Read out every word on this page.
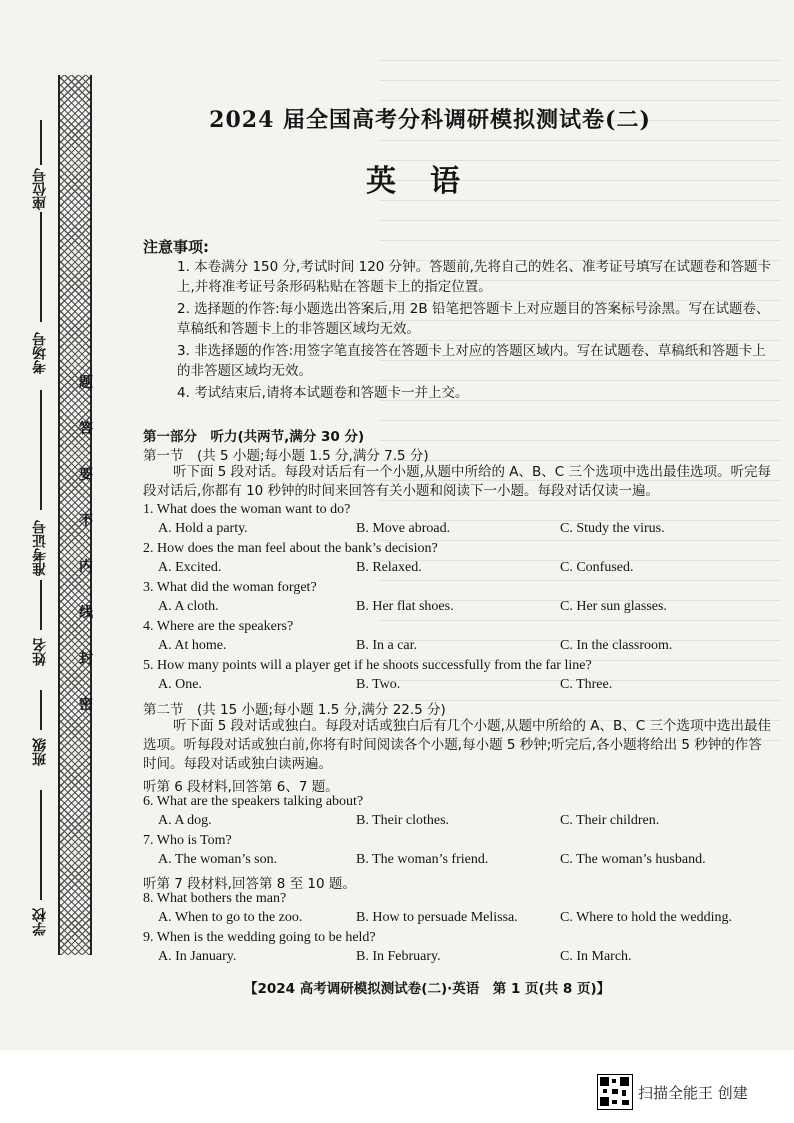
座位号
考场号
准考证号
姓名
班级
学校
题
答
要
不
内
线
封
密
2024 届全国高考分科调研模拟测试卷(二)
英语
注意事项:
1. 本卷满分 150 分,考试时间 120 分钟。答题前,先将自己的姓名、准考证号填写在试题卷和答题卡上,并将准考证号条形码粘贴在答题卡上的指定位置。
2. 选择题的作答:每小题选出答案后,用 2B 铅笔把答题卡上对应题目的答案标号涂黑。写在试题卷、草稿纸和答题卡上的非答题区域均无效。
3. 非选择题的作答:用签字笔直接答在答题卡上对应的答题区域内。写在试题卷、草稿纸和答题卡上的非答题区域均无效。
4. 考试结束后,请将本试题卷和答题卡一并上交。
第一部分　听力(共两节,满分 30 分)
第一节　(共 5 小题;每小题 1.5 分,满分 7.5 分)
听下面 5 段对话。每段对话后有一个小题,从题中所给的 A、B、C 三个选项中选出最佳选项。听完每段对话后,你都有 10 秒钟的时间来回答有关小题和阅读下一小题。每段对话仅读一遍。
1. What does the woman want to do?
A. Hold a party.	B. Move abroad.	C. Study the virus.
2. How does the man feel about the bank’s decision?
A. Excited.	B. Relaxed.	C. Confused.
3. What did the woman forget?
A. A cloth.	B. Her flat shoes.	C. Her sun glasses.
4. Where are the speakers?
A. At home.	B. In a car.	C. In the classroom.
5. How many points will a player get if he shoots successfully from the far line?
A. One.	B. Two.	C. Three.
第二节　(共 15 小题;每小题 1.5 分,满分 22.5 分)
听下面 5 段对话或独白。每段对话或独白后有几个小题,从题中所给的 A、B、C 三个选项中选出最佳选项。听每段对话或独白前,你将有时间阅读各个小题,每小题 5 秒钟;听完后,各小题将给出 5 秒钟的作答时间。每段对话或独白读两遍。
听第 6 段材料,回答第 6、7 题。
6. What are the speakers talking about?
A. A dog.	B. Their clothes.	C. Their children.
7. Who is Tom?
A. The woman’s son.	B. The woman’s friend.	C. The woman’s husband.
听第 7 段材料,回答第 8 至 10 题。
8. What bothers the man?
A. When to go to the zoo.	B. How to persuade Melissa.	C. Where to hold the wedding.
9. When is the wedding going to be held?
A. In January.	B. In February.	C. In March.
【2024 高考调研模拟测试卷(二)·英语　第 1 页(共 8 页)】
扫描全能王 创建
